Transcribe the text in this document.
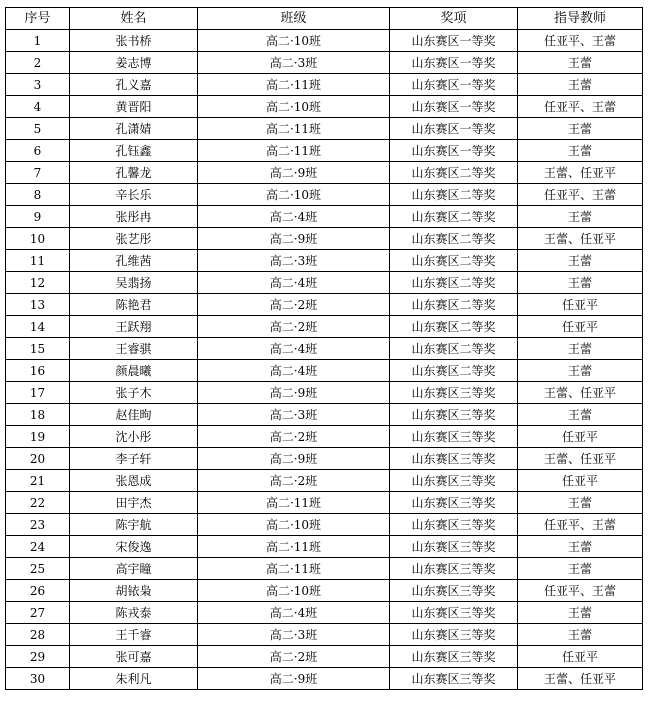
序号	姓名	班级	奖项	指导教师
1	张书桥	高二·10班	山东赛区一等奖	任亚平、王蕾
2	姜志博	高二·3班	山东赛区一等奖	王蕾
3	孔义嘉	高二·11班	山东赛区一等奖	王蕾
4	黄晋阳	高二·10班	山东赛区一等奖	任亚平、王蕾
5	孔潇婧	高二·11班	山东赛区一等奖	王蕾
6	孔钰鑫	高二·11班	山东赛区一等奖	王蕾
7	孔馨龙	高二·9班	山东赛区二等奖	王蕾、任亚平
8	辛长乐	高二·10班	山东赛区二等奖	任亚平、王蕾
9	张彤冉	高二·4班	山东赛区二等奖	王蕾
10	张艺彤	高二·9班	山东赛区二等奖	王蕾、任亚平
11	孔维茜	高二·3班	山东赛区二等奖	王蕾
12	吴翡扬	高二·4班	山东赛区二等奖	王蕾
13	陈艳君	高二·2班	山东赛区二等奖	任亚平
14	王跃翔	高二·2班	山东赛区二等奖	任亚平
15	王睿骐	高二·4班	山东赛区二等奖	王蕾
16	颜晨曦	高二·4班	山东赛区二等奖	王蕾
17	张子木	高二·9班	山东赛区三等奖	王蕾、任亚平
18	赵佳昫	高二·3班	山东赛区三等奖	王蕾
19	沈小彤	高二·2班	山东赛区三等奖	任亚平
20	李子轩	高二·9班	山东赛区三等奖	王蕾、任亚平
21	张恩成	高二·2班	山东赛区三等奖	任亚平
22	田宇杰	高二·11班	山东赛区三等奖	王蕾
23	陈宇航	高二·10班	山东赛区三等奖	任亚平、王蕾
24	宋俊逸	高二·11班	山东赛区三等奖	王蕾
25	高宇瞳	高二·11班	山东赛区三等奖	王蕾
26	胡铱枭	高二·10班	山东赛区三等奖	任亚平、王蕾
27	陈戎泰	高二·4班	山东赛区三等奖	王蕾
28	王千睿	高二·3班	山东赛区三等奖	王蕾
29	张可嘉	高二·2班	山东赛区三等奖	任亚平
30	朱利凡	高二·9班	山东赛区三等奖	王蕾、任亚平
